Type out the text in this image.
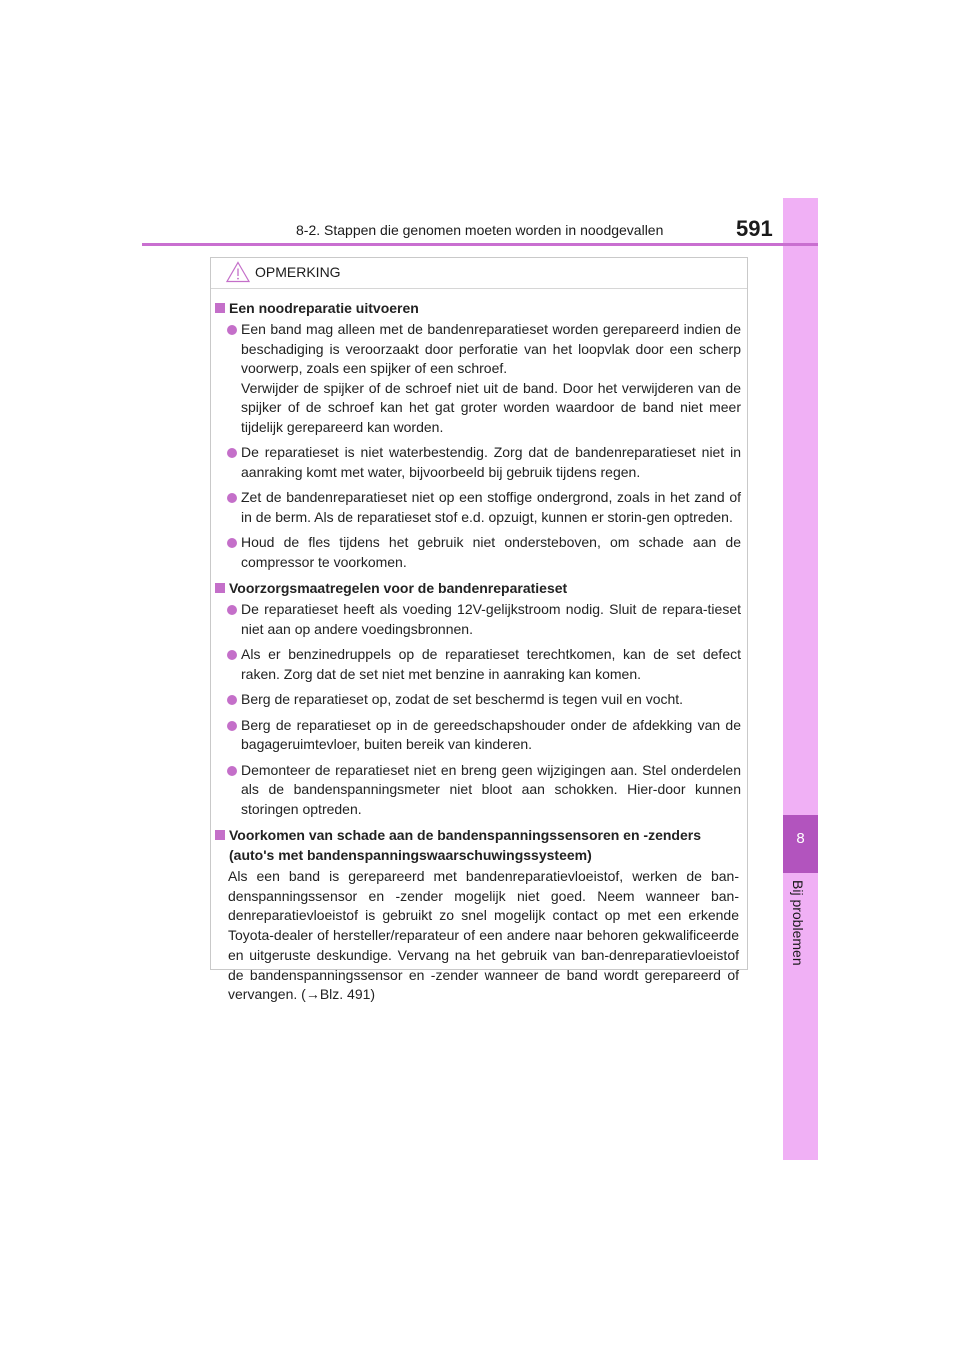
8
Bij problemen
8-2. Stappen die genomen moeten worden in noodgevallen	591
OPMERKING
Een noodreparatie uitvoeren

Een band mag alleen met de bandenreparatieset worden gerepareerd indien de beschadiging is veroorzaakt door perforatie van het loopvlak door een scherp voorwerp, zoals een spijker of een schroef.

Verwijder de spijker of de schroef niet uit de band. Door het verwijderen van de spijker of de schroef kan het gat groter worden waardoor de band niet meer tijdelijk gerepareerd kan worden.

De reparatieset is niet waterbestendig. Zorg dat de bandenreparatieset niet in aanraking komt met water, bijvoorbeeld bij gebruik tijdens regen.

Zet de bandenreparatieset niet op een stoffige ondergrond, zoals in het zand of in de berm. Als de reparatieset stof e.d. opzuigt, kunnen er storin-gen optreden.

Houd de fles tijdens het gebruik niet ondersteboven, om schade aan de compressor te voorkomen.

Voorzorgsmaatregelen voor de bandenreparatieset

De reparatieset heeft als voeding 12V-gelijkstroom nodig. Sluit de repara-tieset niet aan op andere voedingsbronnen.

Als er benzinedruppels op de reparatieset terechtkomen, kan de set defect raken. Zorg dat de set niet met benzine in aanraking kan komen.

Berg de reparatieset op, zodat de set beschermd is tegen vuil en vocht.

Berg de reparatieset op in de gereedschapshouder onder de afdekking van de bagageruimtevloer, buiten bereik van kinderen.

Demonteer de reparatieset niet en breng geen wijzigingen aan. Stel onderdelen als de bandenspanningsmeter niet bloot aan schokken. Hier-door kunnen storingen optreden.

Voorkomen van schade aan de bandenspanningssensoren en -zenders (auto's met bandenspanningswaarschuwingssysteem)
Als een band is gerepareerd met bandenreparatievloeistof, werken de ban-denspanningssensor en -zender mogelijk niet goed. Neem wanneer ban-denreparatievloeistof is gebruikt zo snel mogelijk contact op met een erkende Toyota-dealer of hersteller/reparateur of een andere naar behoren gekwalificeerde en uitgeruste deskundige. Vervang na het gebruik van ban-denreparatievloeistof de bandenspanningssensor en -zender wanneer de band wordt gerepareerd of vervangen. (→Blz. 491)
